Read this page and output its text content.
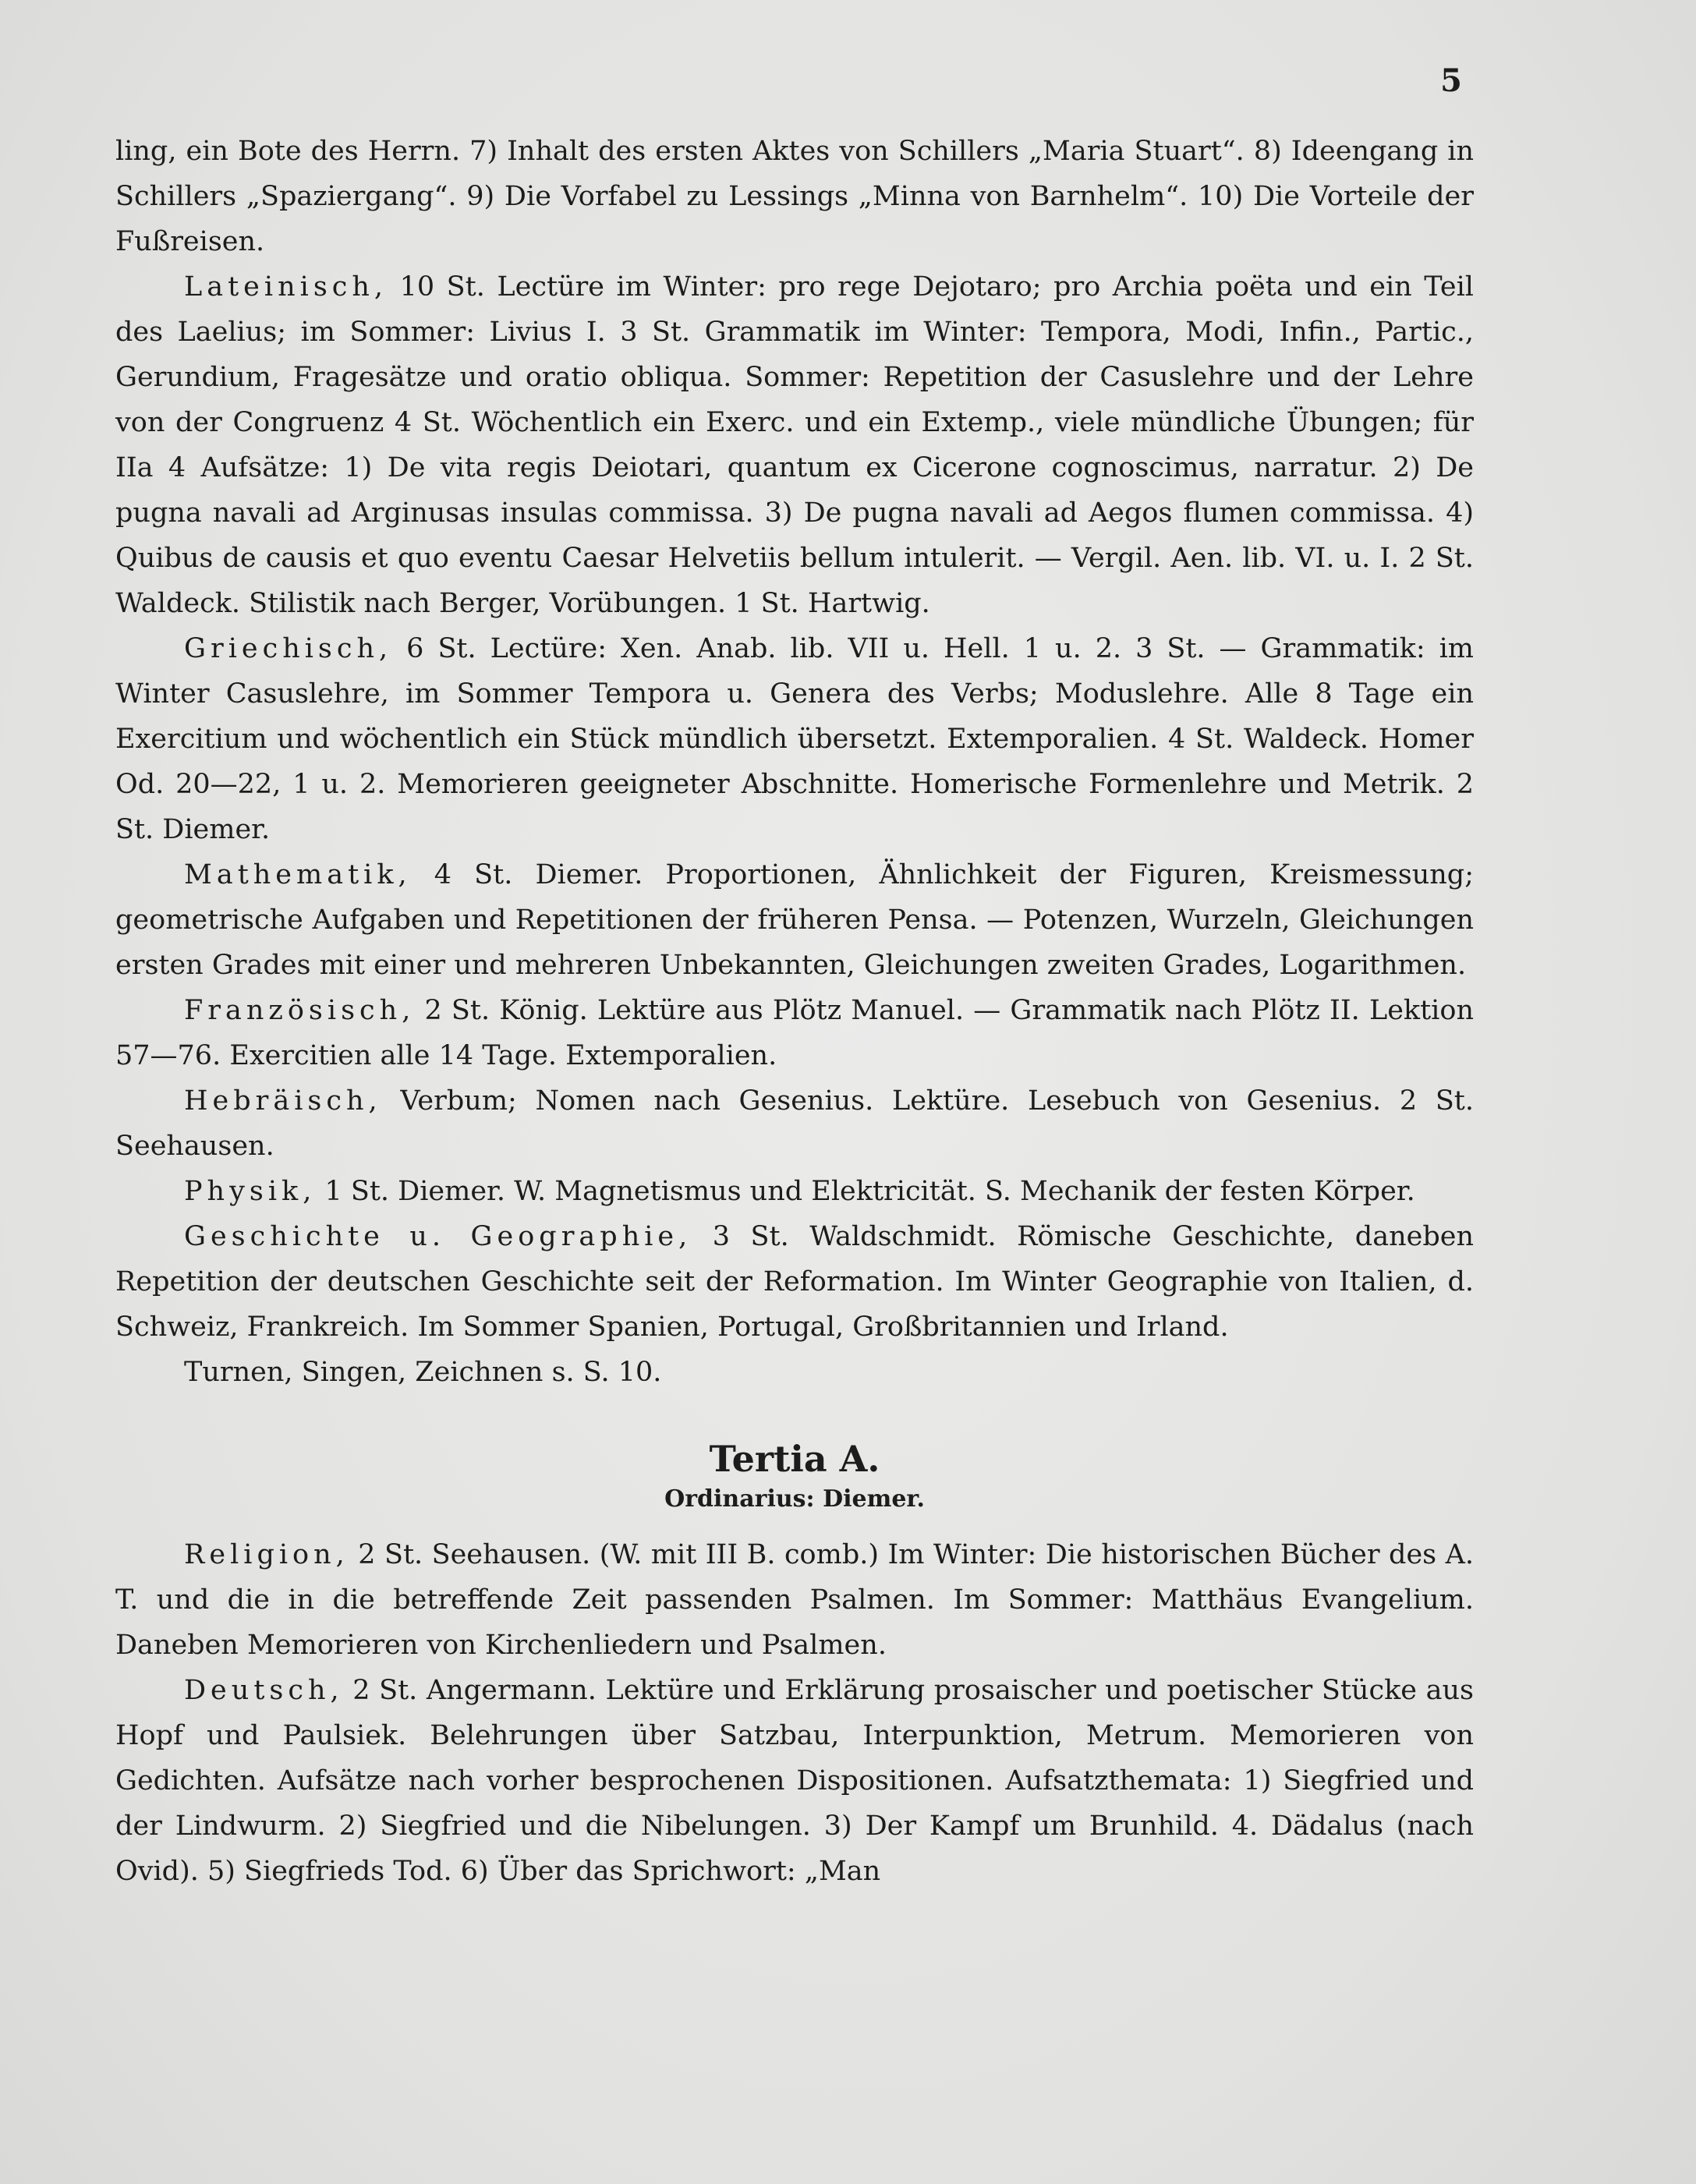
5

ling, ein Bote des Herrn. 7) Inhalt des ersten Aktes von Schillers „Maria Stuart“. 8) Ideengang in Schillers „Spaziergang“. 9) Die Vorfabel zu Lessings „Minna von Barnhelm“. 10) Die Vorteile der Fußreisen.

Lateinisch, 10 St. Lectüre im Winter: pro rege Dejotaro; pro Archia poëta und ein Teil des Laelius; im Sommer: Livius I. 3 St. Grammatik im Winter: Tempora, Modi, Infin., Partic., Gerundium, Fragesätze und oratio obliqua. Sommer: Repetition der Casuslehre und der Lehre von der Congruenz 4 St. Wöchentlich ein Exerc. und ein Extemp., viele mündliche Übungen; für IIa 4 Aufsätze: 1) De vita regis Deiotari, quantum ex Cicerone cognoscimus, narratur. 2) De pugna navali ad Arginusas insulas commissa. 3) De pugna navali ad Aegos flumen commissa. 4) Quibus de causis et quo eventu Caesar Helvetiis bellum intulerit. — Vergil. Aen. lib. VI. u. I. 2 St. Waldeck. Stilistik nach Berger, Vorübungen. 1 St. Hartwig.

Griechisch, 6 St. Lectüre: Xen. Anab. lib. VII u. Hell. 1 u. 2. 3 St. — Grammatik: im Winter Casuslehre, im Sommer Tempora u. Genera des Verbs; Moduslehre. Alle 8 Tage ein Exercitium und wöchentlich ein Stück mündlich übersetzt. Extemporalien. 4 St. Waldeck. Homer Od. 20—22, 1 u. 2. Memorieren geeigneter Abschnitte. Homerische Formenlehre und Metrik. 2 St. Diemer.

Mathematik, 4 St. Diemer. Proportionen, Ähnlichkeit der Figuren, Kreismessung; geometrische Aufgaben und Repetitionen der früheren Pensa. — Potenzen, Wurzeln, Gleichungen ersten Grades mit einer und mehreren Unbekannten, Gleichungen zweiten Grades, Logarithmen.

Französisch, 2 St. König. Lektüre aus Plötz Manuel. — Grammatik nach Plötz II. Lektion 57—76. Exercitien alle 14 Tage. Extemporalien.

Hebräisch, Verbum; Nomen nach Gesenius. Lektüre. Lesebuch von Gesenius. 2 St. Seehausen.

Physik, 1 St. Diemer. W. Magnetismus und Elektricität. S. Mechanik der festen Körper.

Geschichte u. Geographie, 3 St. Waldschmidt. Römische Geschichte, daneben Repetition der deutschen Geschichte seit der Reformation. Im Winter Geographie von Italien, d. Schweiz, Frankreich. Im Sommer Spanien, Portugal, Großbritannien und Irland.

Turnen, Singen, Zeichnen s. S. 10.

Tertia A.
Ordinarius: Diemer.

Religion, 2 St. Seehausen. (W. mit III B. comb.) Im Winter: Die historischen Bücher des A. T. und die in die betreffende Zeit passenden Psalmen. Im Sommer: Matthäus Evangelium. Daneben Memorieren von Kirchenliedern und Psalmen.

Deutsch, 2 St. Angermann. Lektüre und Erklärung prosaischer und poetischer Stücke aus Hopf und Paulsiek. Belehrungen über Satzbau, Interpunktion, Metrum. Memorieren von Gedichten. Aufsätze nach vorher besprochenen Dispositionen. Aufsatzthemata: 1) Siegfried und der Lindwurm. 2) Siegfried und die Nibelungen. 3) Der Kampf um Brunhild. 4. Dädalus (nach Ovid). 5) Siegfrieds Tod. 6) Über das Sprichwort: „Man
